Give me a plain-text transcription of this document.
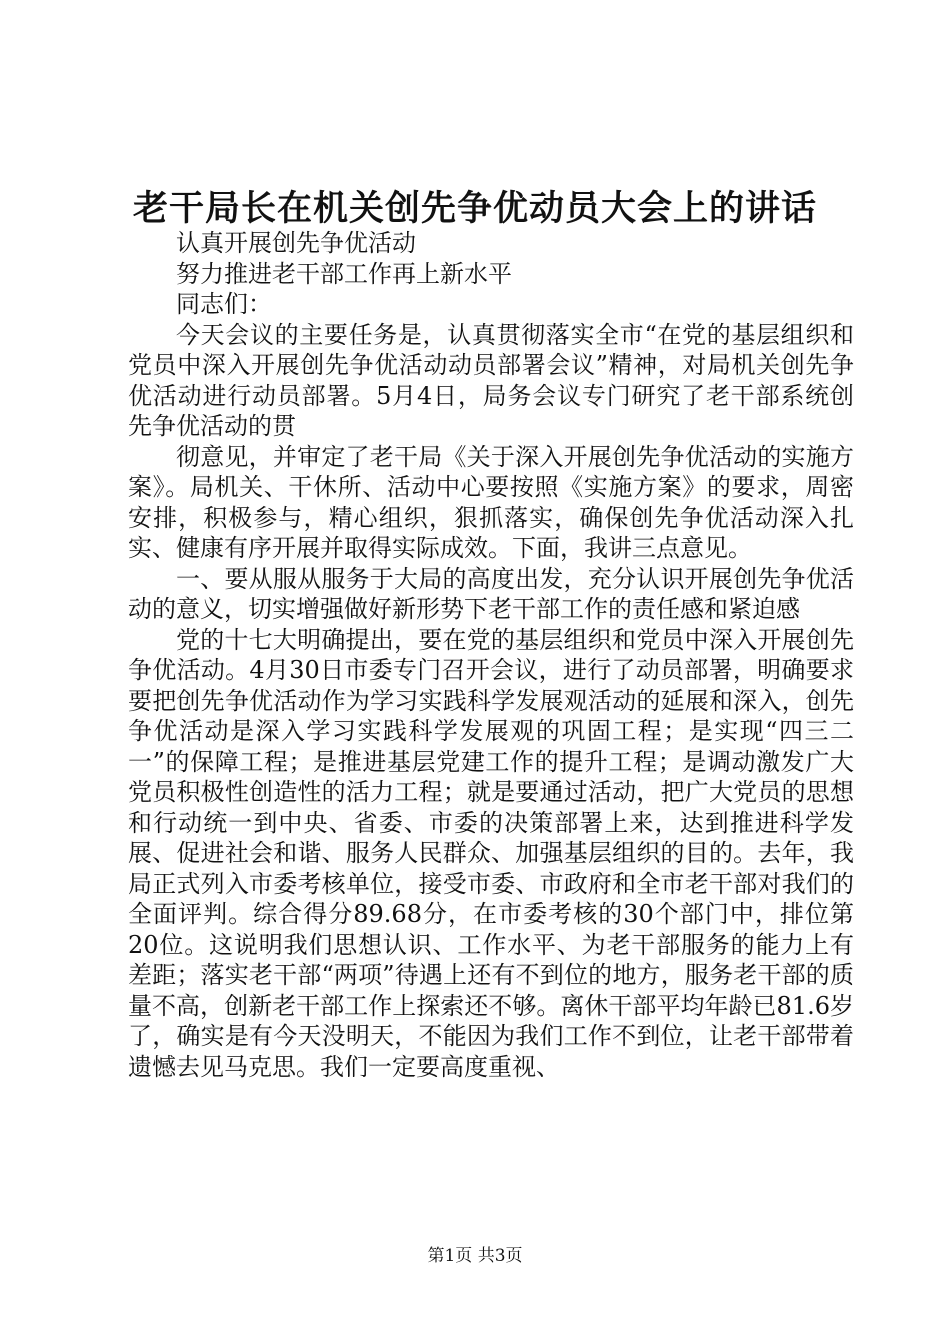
老干局长在机关创先争优动员大会上的讲话

认真开展创先争优活动

努力推进老干部工作再上新水平

同志们：

今天会议的主要任务是，认真贯彻落实全市“在党的基层组织和党员中深入开展创先争优活动动员部署会议”精神，对局机关创先争优活动进行动员部署。5月4日，局务会议专门研究了老干部系统创先争优活动的贯

彻意见，并审定了老干局《关于深入开展创先争优活动的实施方案》。局机关、干休所、活动中心要按照《实施方案》的要求，周密安排，积极参与，精心组织，狠抓落实，确保创先争优活动深入扎实、健康有序开展并取得实际成效。下面，我讲三点意见。

一、要从服从服务于大局的高度出发，充分认识开展创先争优活动的意义，切实增强做好新形势下老干部工作的责任感和紧迫感

党的十七大明确提出，要在党的基层组织和党员中深入开展创先争优活动。4月30日市委专门召开会议，进行了动员部署，明确要求要把创先争优活动作为学习实践科学发展观活动的延展和深入，创先争优活动是深入学习实践科学发展观的巩固工程；是实现“四三二一”的保障工程；是推进基层党建工作的提升工程；是调动激发广大党员积极性创造性的活力工程；就是要通过活动，把广大党员的思想和行动统一到中央、省委、市委的决策部署上来，达到推进科学发展、促进社会和谐、服务人民群众、加强基层组织的目的。去年，我局正式列入市委考核单位，接受市委、市政府和全市老干部对我们的全面评判。综合得分89.68分，在市委考核的30个部门中，排位第20位。这说明我们思想认识、工作水平、为老干部服务的能力上有差距；落实老干部“两项”待遇上还有不到位的地方，服务老干部的质量不高，创新老干部工作上探索还不够。离休干部平均年龄已81.6岁了，确实是有今天没明天，不能因为我们工作不到位，让老干部带着遗憾去见马克思。我们一定要高度重视、

第1页 共3页
